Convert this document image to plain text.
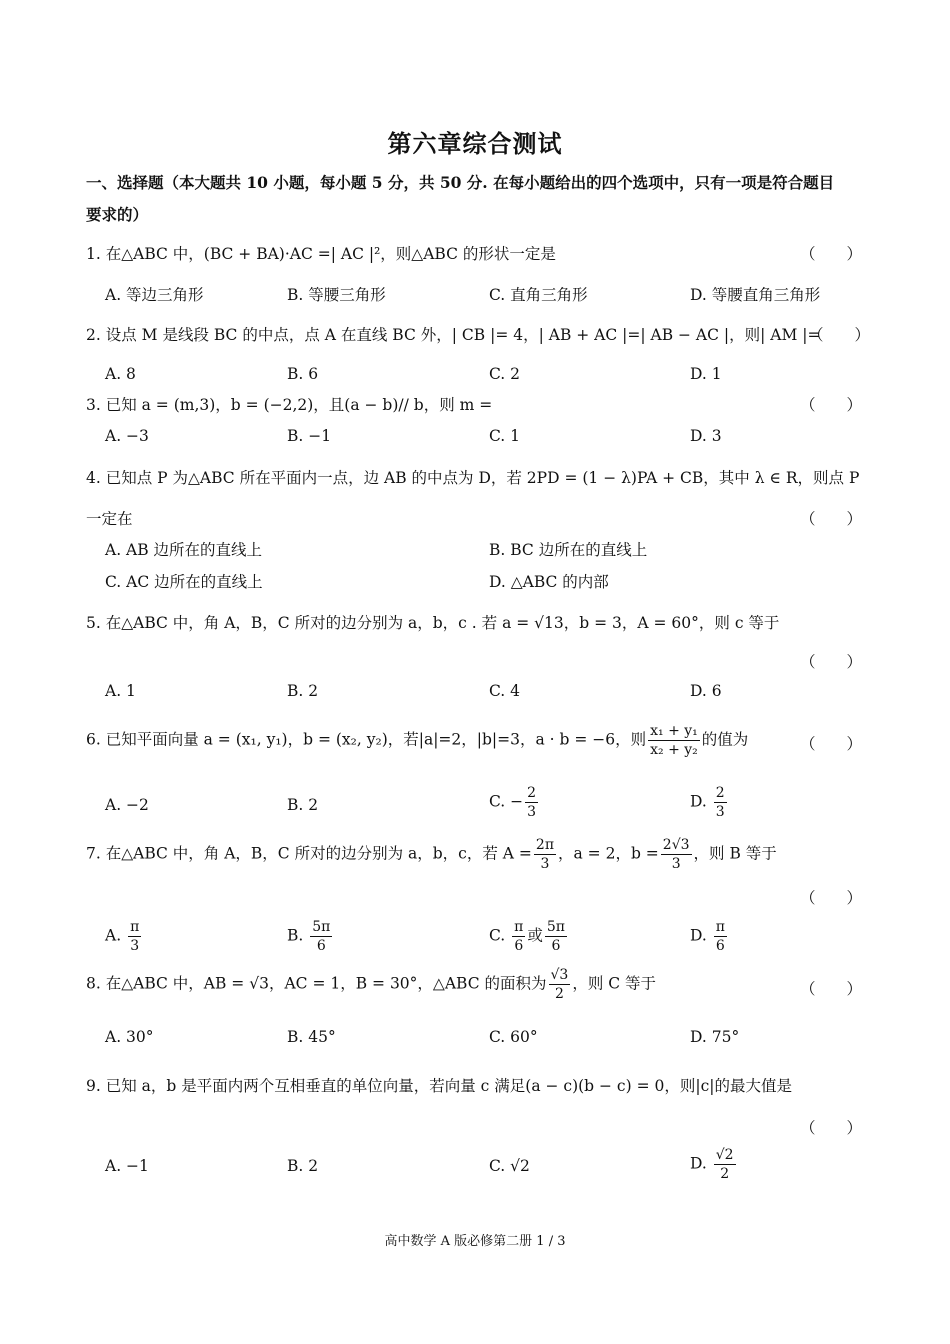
第六章综合测试
一、选择题（本大题共 10 小题，每小题 5 分，共 50 分. 在每小题给出的四个选项中，只有一项是符合题目
要求的）
1. 在△ABC 中，(BC + BA)·AC =| AC |²，则△ABC 的形状一定是	（　　）
A. 等边三角形	B. 等腰三角形	C. 直角三角形	D. 等腰直角三角形
2. 设点 M 是线段 BC 的中点，点 A 在直线 BC 外，| CB |= 4，| AB + AC |=| AB − AC |，则| AM |=
（　　）
A. 8	B. 6	C. 2	D. 1
3. 已知 a = (m,3)，b = (−2,2)，且(a − b)// b，则 m =	（　　）
A. −3	B. −1	C. 1	D. 3
4. 已知点 P 为△ABC 所在平面内一点，边 AB 的中点为 D，若 2PD = (1 − λ)PA + CB，其中 λ ∈ R，则点 P
一定在	（　　）
A. AB 边所在的直线上	B. BC 边所在的直线上
C. AC 边所在的直线上	D. △ABC 的内部
5. 在△ABC 中，角 A，B，C 所对的边分别为 a，b，c . 若 a = √13，b = 3，A = 60°，则 c 等于
（　　）
A. 1	B. 2	C. 4	D. 6
6. 已知平面向量 a = (x₁, y₁)，b = (x₂, y₂)，若|a|=2，|b|=3，a · b = −6，则 $\frac{\text{x₁ + y₁}}{\text{x₂ + y₂}}$ 的值为	（　　）
A. −2	B. 2	C. − $\frac{2}{3}$	D. $\frac{2}{3}$
7. 在△ABC 中，角 A，B，C 所对的边分别为 a，b，c，若 $A = \frac{2\pi}{3}$ ，a = 2，$b = \frac{2√3}{3}$ ，则 B 等于
（　　）
A. $\frac{\pi}{3}$	B. $\frac{5\pi}{6}$	C. $\frac{\pi}{6}$ 或 $\frac{5\pi}{6}$	D. $\frac{\pi}{6}$
8. 在△ABC 中，AB = √3，AC = 1，B = 30°，△ABC 的面积为 $\frac{√3}{2}$ ，则 C 等于	（　　）
A. 30°	B. 45°	C. 60°	D. 75°
9. 已知 a，b 是平面内两个互相垂直的单位向量，若向量 c 满足(a − c)(b − c) = 0，则|c|的最大值是
（　　）
A. −1	B. 2	C. √2	D. $\frac{√2}{2}$
高中数学 A 版必修第二册 1 / 3
